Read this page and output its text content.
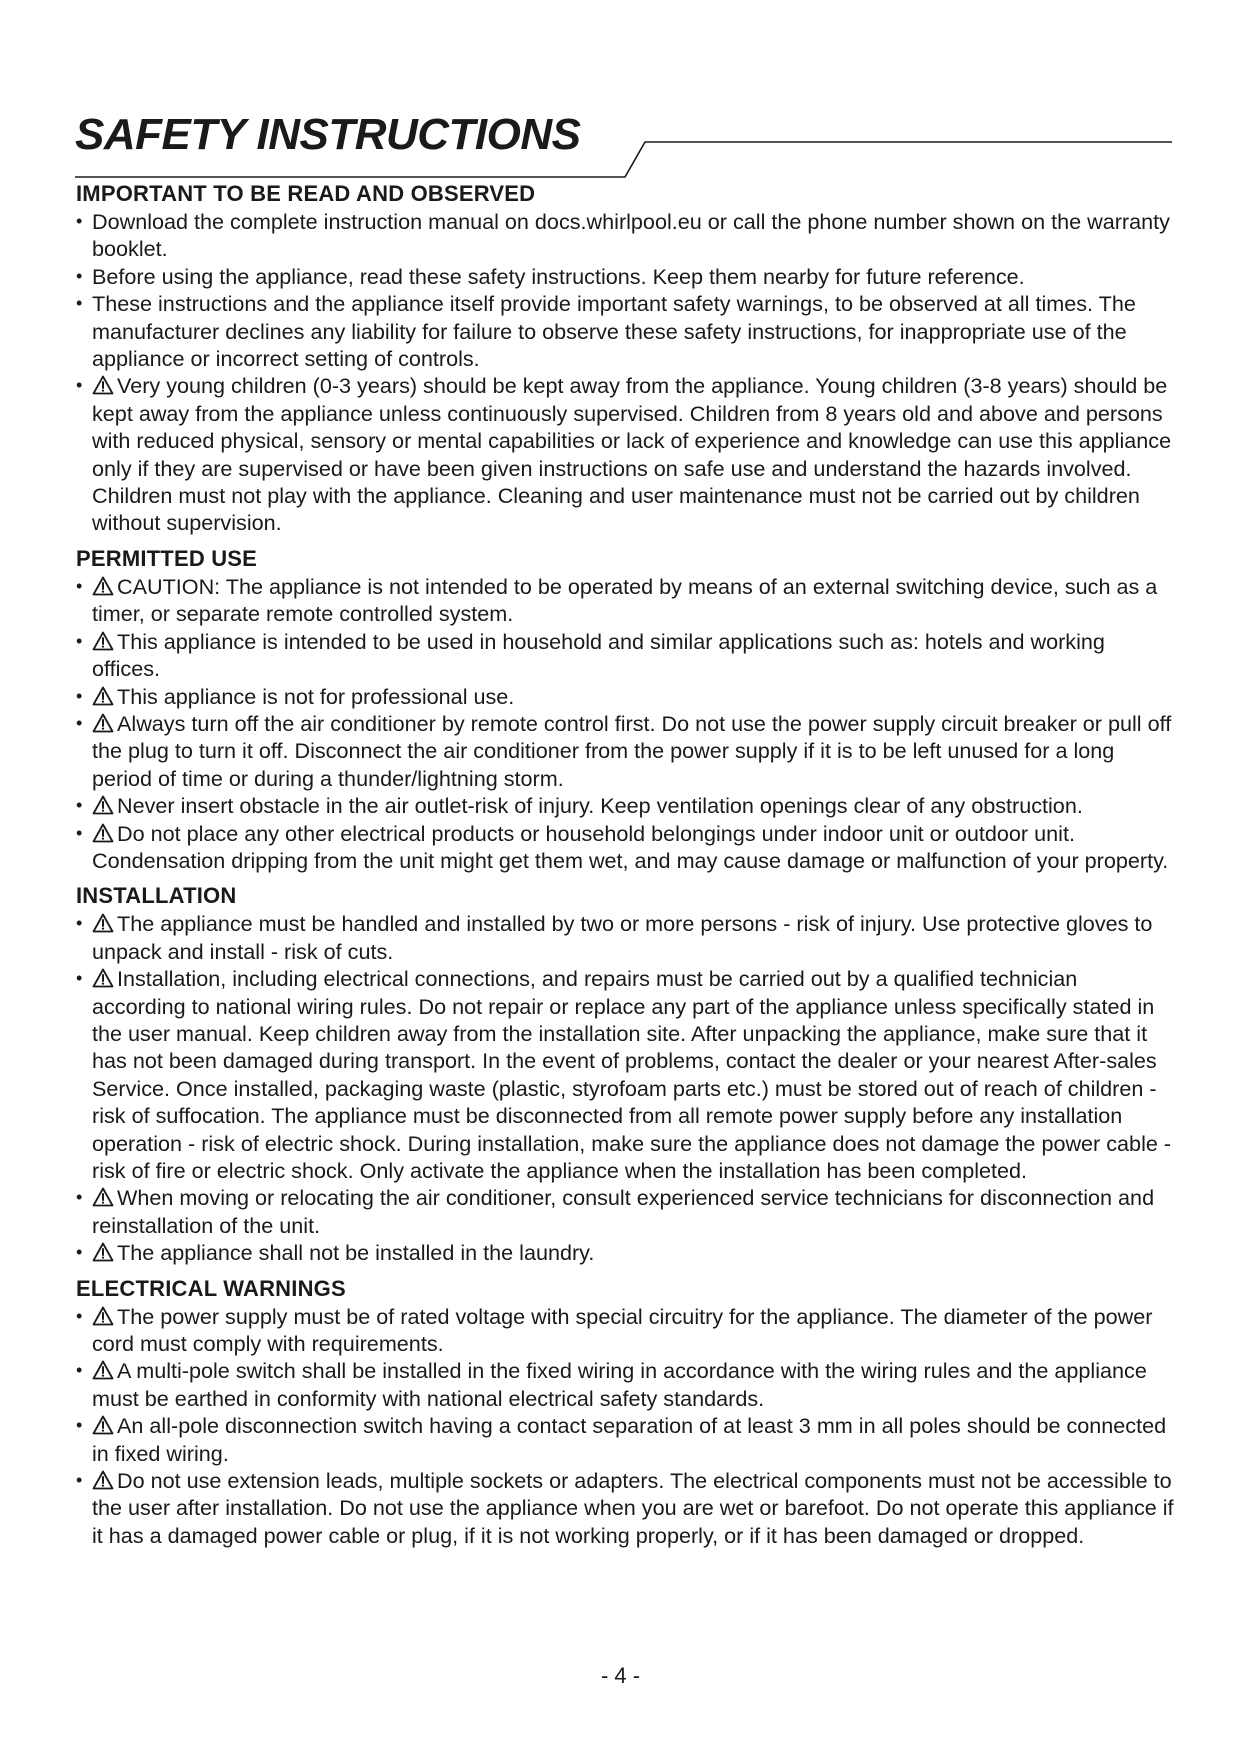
SAFETY INSTRUCTIONS
IMPORTANT TO BE READ AND OBSERVED
• Download the complete instruction manual on docs.whirlpool.eu or call the phone number shown on the warranty booklet.
• Before using the appliance, read these safety instructions. Keep them nearby for future reference.
• These instructions and the appliance itself provide important safety warnings, to be observed at all times. The manufacturer declines any liability for failure to observe these safety instructions, for inappropriate use of the appliance or incorrect setting of controls.
• Very young children (0-3 years) should be kept away from the appliance. Young children (3-8 years) should be kept away from the appliance unless continuously supervised. Children from 8 years old and above and persons with reduced physical, sensory or mental capabilities or lack of experience and knowledge can use this appliance only if they are supervised or have been given instructions on safe use and understand the hazards involved. Children must not play with the appliance. Cleaning and user maintenance must not be carried out by children without supervision.
PERMITTED USE
• CAUTION: The appliance is not intended to be operated by means of an external switching device, such as a timer, or separate remote controlled system.
• This appliance is intended to be used in household and similar applications such as: hotels and working offices.
• This appliance is not for professional use.
• Always turn off the air conditioner by remote control first. Do not use the power supply circuit breaker or pull off the plug to turn it off. Disconnect the air conditioner from the power supply if it is to be left unused for a long period of time or during a thunder/lightning storm.
• Never insert obstacle in the air outlet-risk of injury. Keep ventilation openings clear of any obstruction.
• Do not place any other electrical products or household belongings under indoor unit or outdoor unit. Condensation dripping from the unit might get them wet, and may cause damage or malfunction of your property.
INSTALLATION
• The appliance must be handled and installed by two or more persons - risk of injury. Use protective gloves to unpack and install - risk of cuts.
• Installation, including electrical connections, and repairs must be carried out by a qualified technician according to national wiring rules. Do not repair or replace any part of the appliance unless specifically stated in the user manual. Keep children away from the installation site. After unpacking the appliance, make sure that it has not been damaged during transport. In the event of problems, contact the dealer or your nearest After-sales Service. Once installed, packaging waste (plastic, styrofoam parts etc.) must be stored out of reach of children - risk of suffocation. The appliance must be disconnected from all remote power supply before any installation operation - risk of electric shock. During installation, make sure the appliance does not damage the power cable - risk of fire or electric shock. Only activate the appliance when the installation has been completed.
• When moving or relocating the air conditioner, consult experienced service technicians for disconnection and reinstallation of the unit.
• The appliance shall not be installed in the laundry.
ELECTRICAL WARNINGS
• The power supply must be of rated voltage with special circuitry for the appliance. The diameter of the power cord must comply with requirements.
• A multi-pole switch shall be installed in the fixed wiring in accordance with the wiring rules and the appliance must be earthed in conformity with national electrical safety standards.
• An all-pole disconnection switch having a contact separation of at least 3 mm in all poles should be connected in fixed wiring.
• Do not use extension leads, multiple sockets or adapters. The electrical components must not be accessible to the user after installation. Do not use the appliance when you are wet or barefoot. Do not operate this appliance if it has a damaged power cable or plug, if it is not working properly, or if it has been damaged or dropped.
- 4 -
